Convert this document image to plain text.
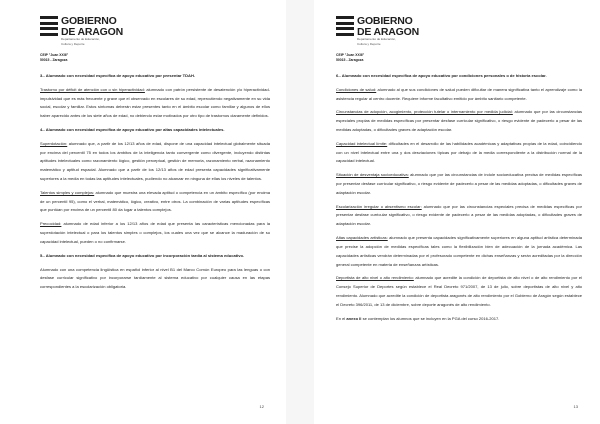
GOBIERNO
DE ARAGON
Departamento de Educación,
Cultura y Deporte
CEIP "Juan XXIII"
50015 - Zaragoza

3.- Alumnado con necesidad específica de apoyo educativo por presentar TDAH.

Trastorno por déficit de atención con o sin hiperactividad: alumnado con patrón persistente de desatención y/o hiperactividad-impulsividad que es más frecuente y grave que el observado en escolares de su edad, repercutiendo negativamente en su vida social, escolar y familiar. Estos síntomas deberán estar presentes tanto en el ámbito escolar como familiar y algunos de ellos haber aparecido antes de los siete años de edad, no debiendo estar motivados por otro tipo de trastornos claramente definidos.

4.- Alumnado con necesidad específica de apoyo educativo por altas capacidades intelectuales.

Superdotación: alumnado que, a partir de los 12/13 años de edad, dispone de una capacidad intelectual globalmente situada por encima del percentil 75 en todos los ámbitos de la inteligencia tanto convergente como divergente, incluyendo distintas aptitudes intelectuales como razonamiento lógico, gestión perceptual, gestión de memoria, razonamiento verbal, razonamiento matemático y aptitud espacial. Alumnado que a partir de los 12/13 años de edad presenta capacidades significativamente superiores a la media en todas las aptitudes intelectuales, pudiendo no alcanzar en ninguna de ellas los niveles de talentos.

Talentos simples y complejos: alumnado que muestra una elevada aptitud o competencia en un ámbito específico (por encima de un percentil 95), como el verbal, matemático, lógico, creativo, entre otros. La combinación de varias aptitudes específicas que puntúan por encima de un percentil 80 da lugar a talentos complejos.

Precocidad: alumnado de edad inferior a los 12/13 años de edad que presenta las características mencionadas para la superdotación intelectual o para los talentos simples o complejos, los cuales una vez que se alcance la maduración de su capacidad intelectual, pueden o no confirmarse.

5.- Alumnado con necesidad específica de apoyo educativo por incorporación tardía al sistema educativo.

Alumnado con una competencia lingüística en español inferior al nivel B1 del Marco Común Europeo para las lenguas o con desfase curricular significativo por incorporarse tardíamente al sistema educativo por cualquier causa en las etapas correspondientes a la escolarización obligatoria.

12
GOBIERNO
DE ARAGON
Departamento de Educación,
Cultura y Deporte
CEIP "Juan XXIII"
50015 - Zaragoza

6.- Alumnado con necesidad específica de apoyo educativo por condiciones personales o de historia escolar.

Condiciones de salud: alumnado al que sus condiciones de salud pueden dificultar de manera significativa tanto el aprendizaje como la asistencia regular al centro docente. Requiere informe facultativo emitido por ámbito sanitario competente.

Circunstancias de adopción, acogimiento, protección tutelar o internamiento por medida judicial: alumnado que por las circunstancias especiales propias de medidas específicas por presentar desfase curricular significativo, o riesgo evidente de padecerlo a pesar de las medidas adoptadas, o dificultades graves de adaptación escolar.

Capacidad intelectual límite: dificultades en el desarrollo de las habilidades académicas y adaptativas propias de la edad, coincidiendo con un nivel intelectual entre una y dos desviaciones típicas por debajo de la media correspondiente a la distribución normal de la capacidad intelectual.

Situación de desventaja socioeducativa: alumnado que por las circunstancias de índole socioeducativa precisa de medidas específicas por presentar desfase curricular significativo, o riesgo evidente de padecerlo a pesar de las medidas adoptadas, o dificultades graves de adaptación escolar.

Escolarización irregular o absentismo escolar: alumnado que por las circunstancias especiales precisa de medidas específicas por presentar desfase curricular significativo, o riesgo evidente de padecerlo a pesar de las medidas adoptadas, o dificultades graves de adaptación escolar.

Altas capacidades artísticas: alumnado que presenta capacidades significativamente superiores en alguna aptitud artística determinada que precise la adopción de medidas específicas tales como la flexibilización bien de adecuación de la jornada académica. Las capacidades artísticas vendrán determinadas por el profesorado competente en dichas enseñanzas y serán acreditadas por la dirección general competente en materia de enseñanzas artísticas.

Deportista de alto nivel o alto rendimiento: alumnado que acredite la condición de deportista de alto nivel o de alto rendimiento por el Consejo Superior de Deportes según establece el Real Decreto 971/2007, de 13 de julio, sobre deportistas de alto nivel y alto rendimiento. Alumnado que acredite la condición de deportista aragonés de alto rendimiento por el Gobierno de Aragón según establece el Decreto 396/2011, de 13 de diciembre, sobre deporte aragonés de alto rendimiento.

En el anexo II se contemplan los alumnos que se incluyen en la PGA del curso 2016-2017.

13
